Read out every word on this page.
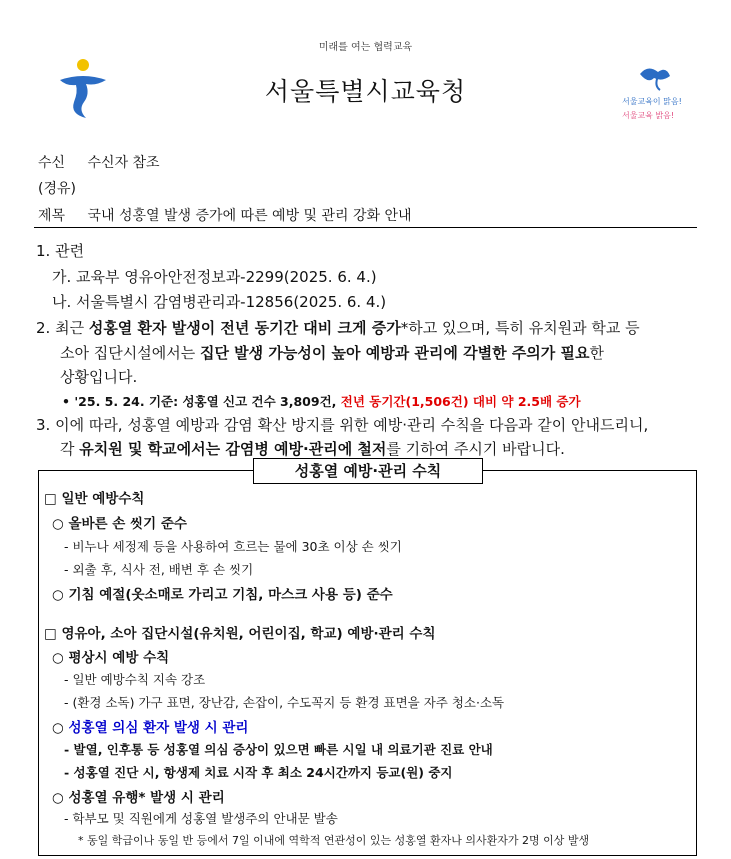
미래를 여는 협력교육
서울특별시교육청	서울교육이 맑음!
서울교육 밝음!
수신 수신자 참조
(경유)
제목 국내 성홍열 발생 증가에 따른 예방 및 관리 강화 안내
1. 관련
가. 교육부 영유아안전정보과-2299(2025. 6. 4.)
나. 서울특별시 감염병관리과-12856(2025. 6. 4.)
2. 최근 성홍열 환자 발생이 전년 동기간 대비 크게 증가*하고 있으며, 특히 유치원과 학교 등
소아 집단시설에서는 집단 발생 가능성이 높아 예방과 관리에 각별한 주의가 필요한
상황입니다.
• '25. 5. 24. 기준: 성홍열 신고 건수 3,809건, 전년 동기간(1,506건) 대비 약 2.5배 증가
3. 이에 따라, 성홍열 예방과 감염 확산 방지를 위한 예방·관리 수칙을 다음과 같이 안내드리니,
각 유치원 및 학교에서는 감염병 예방·관리에 철저를 기하여 주시기 바랍니다.
성홍열 예방·관리 수칙
□ 일반 예방수칙
○ 올바른 손 씻기 준수
- 비누나 세정제 등을 사용하여 흐르는 물에 30초 이상 손 씻기
- 외출 후, 식사 전, 배변 후 손 씻기
○ 기침 예절(옷소매로 가리고 기침, 마스크 사용 등) 준수
□ 영유아, 소아 집단시설(유치원, 어린이집, 학교) 예방·관리 수칙
○ 평상시 예방 수칙
- 일반 예방수칙 지속 강조
- (환경 소독) 가구 표면, 장난감, 손잡이, 수도꼭지 등 환경 표면을 자주 청소·소독
○ 성홍열 의심 환자 발생 시 관리
- 발열, 인후통 등 성홍열 의심 증상이 있으면 빠른 시일 내 의료기관 진료 안내
- 성홍열 진단 시, 항생제 치료 시작 후 최소 24시간까지 등교(원) 중지
○ 성홍열 유행* 발생 시 관리
- 학부모 및 직원에게 성홍열 발생주의 안내문 발송
* 동일 학급이나 동일 반 등에서 7일 이내에 역학적 연관성이 있는 성홍열 환자나 의사환자가 2명 이상 발생
